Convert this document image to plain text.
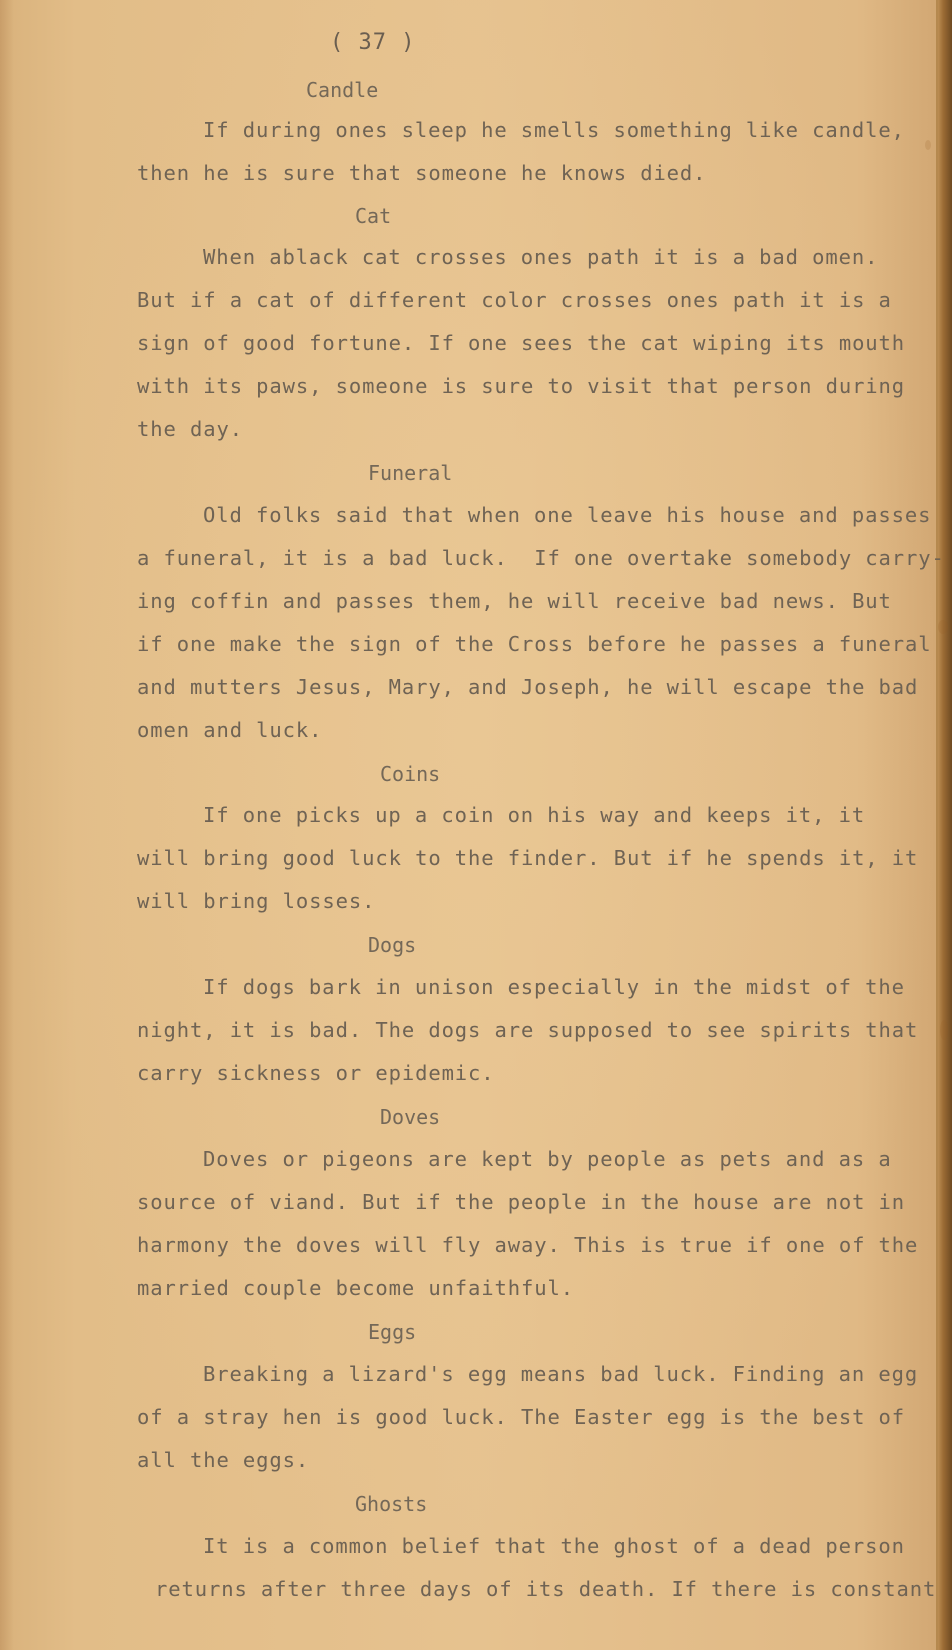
( 37 )
Candle
If during ones sleep he smells something like candle,
then he is sure that someone he knows died.
Cat
When ablack cat crosses ones path it is a bad omen.
But if a cat of different color crosses ones path it is a
sign of good fortune. If one sees the cat wiping its mouth
with its paws, someone is sure to visit that person during
the day.
Funeral
Old folks said that when one leave his house and passes
a funeral, it is a bad luck.  If one overtake somebody carry-
ing coffin and passes them, he will receive bad news. But
if one make the sign of the Cross before he passes a funeral
and mutters Jesus, Mary, and Joseph, he will escape the bad
omen and luck.
Coins
If one picks up a coin on his way and keeps it, it
will bring good luck to the finder. But if he spends it, it
will bring losses.
Dogs
If dogs bark in unison especially in the midst of the
night, it is bad. The dogs are supposed to see spirits that
carry sickness or epidemic.
Doves
Doves or pigeons are kept by people as pets and as a
source of viand. But if the people in the house are not in
harmony the doves will fly away. This is true if one of the
married couple become unfaithful.
Eggs
Breaking a lizard's egg means bad luck. Finding an egg
of a stray hen is good luck. The Easter egg is the best of
all the eggs.
Ghosts
It is a common belief that the ghost of a dead person
returns after three days of its death. If there is constant
